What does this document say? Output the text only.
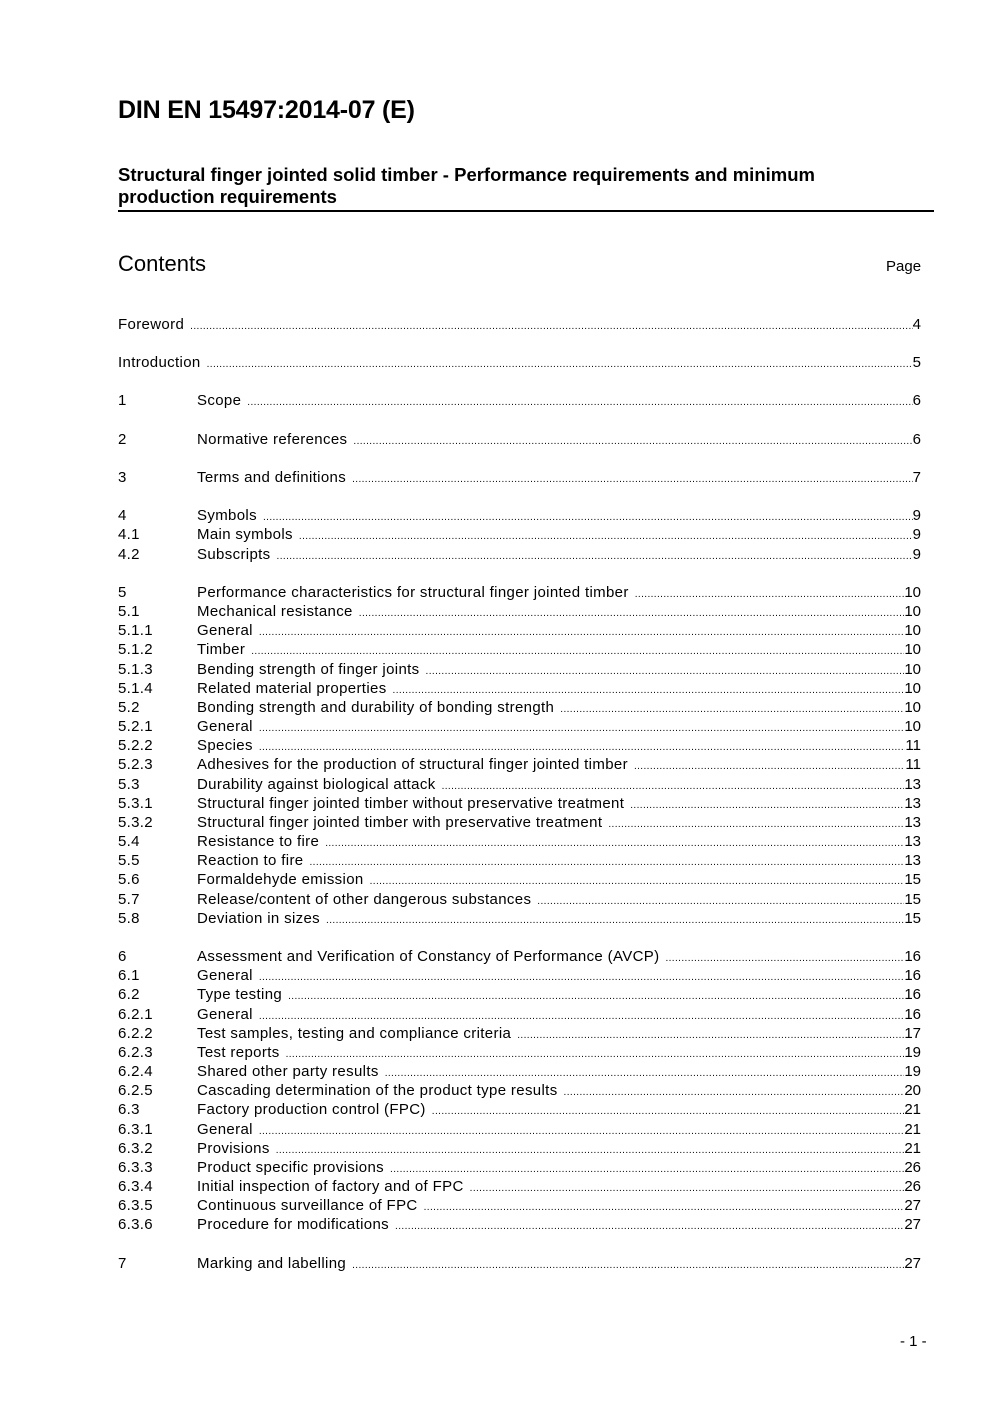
DIN EN 15497:2014-07 (E)
Structural finger jointed solid timber - Performance requirements and minimum production requirements
Contents	Page
Foreword .....	4
Introduction .....	5
1	Scope .....	6
2	Normative references .....	6
3	Terms and definitions .....	7
4	Symbols .....	9
4.1	Main symbols .....	9
4.2	Subscripts .....	9
5	Performance characteristics for structural finger jointed timber .....	10
5.1	Mechanical resistance .....	10
5.1.1	General .....	10
5.1.2	Timber .....	10
5.1.3	Bending strength of finger joints .....	10
5.1.4	Related material properties .....	10
5.2	Bonding strength and durability of bonding strength .....	10
5.2.1	General .....	10
5.2.2	Species .....	11
5.2.3	Adhesives for the production of structural finger jointed timber .....	11
5.3	Durability against biological attack .....	13
5.3.1	Structural finger jointed timber without preservative treatment .....	13
5.3.2	Structural finger jointed timber with preservative treatment .....	13
5.4	Resistance to fire .....	13
5.5	Reaction to fire .....	13
5.6	Formaldehyde emission .....	15
5.7	Release/content of other dangerous substances .....	15
5.8	Deviation in sizes .....	15
6	Assessment and Verification of Constancy of Performance (AVCP) .....	16
6.1	General .....	16
6.2	Type testing .....	16
6.2.1	General .....	16
6.2.2	Test samples, testing and compliance criteria .....	17
6.2.3	Test reports .....	19
6.2.4	Shared other party results .....	19
6.2.5	Cascading determination of the product type results .....	20
6.3	Factory production control (FPC) .....	21
6.3.1	General .....	21
6.3.2	Provisions .....	21
6.3.3	Product specific provisions .....	26
6.3.4	Initial inspection of factory and of FPC .....	26
6.3.5	Continuous surveillance of FPC .....	27
6.3.6	Procedure for modifications .....	27
7	Marking and labelling .....	27
- 1 -
